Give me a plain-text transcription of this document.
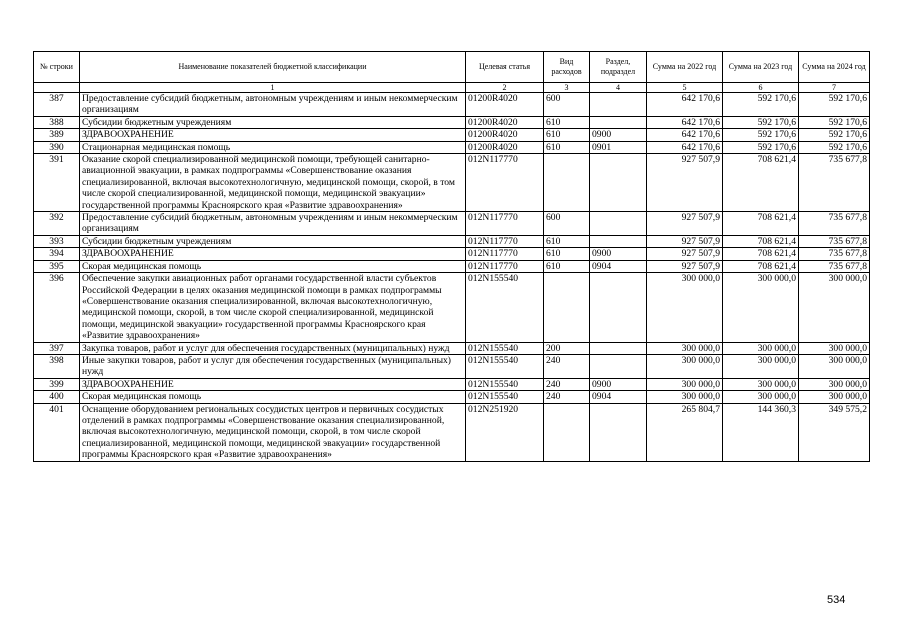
№ строки	Наименование показателей бюджетной классификации	Целевая статья	Вид расходов	Раздел, подраздел	Сумма на 2022 год	Сумма на 2023 год	Сумма на 2024 год
	1	2	3	4	5	6	7
387	Предоставление субсидий бюджетным, автономным учреждениям и иным некоммерческим организациям	01200R4020	600		642 170,6	592 170,6	592 170,6
388	Субсидии бюджетным учреждениям	01200R4020	610		642 170,6	592 170,6	592 170,6
389	ЗДРАВООХРАНЕНИЕ	01200R4020	610	0900	642 170,6	592 170,6	592 170,6
390	Стационарная медицинская помощь	01200R4020	610	0901	642 170,6	592 170,6	592 170,6
391	Оказание скорой специализированной медицинской помощи, требующей санитарно-авиационной эвакуации, в рамках подпрограммы «Совершенствование оказания специализированной, включая высокотехнологичную, медицинской помощи, скорой, в том числе скорой специализированной, медицинской помощи, медицинской эвакуации» государственной программы Красноярского края «Развитие здравоохранения»	012N117770			927 507,9	708 621,4	735 677,8
392	Предоставление субсидий бюджетным, автономным учреждениям и иным некоммерческим организациям	012N117770	600		927 507,9	708 621,4	735 677,8
393	Субсидии бюджетным учреждениям	012N117770	610		927 507,9	708 621,4	735 677,8
394	ЗДРАВООХРАНЕНИЕ	012N117770	610	0900	927 507,9	708 621,4	735 677,8
395	Скорая медицинская помощь	012N117770	610	0904	927 507,9	708 621,4	735 677,8
396	Обеспечение закупки авиационных работ органами государственной власти субъектов Российской Федерации в целях оказания медицинской помощи в рамках подпрограммы «Совершенствование оказания специализированной, включая высокотехнологичную, медицинской помощи, скорой, в том числе скорой специализированной, медицинской помощи, медицинской эвакуации» государственной программы Красноярского края «Развитие здравоохранения»	012N155540			300 000,0	300 000,0	300 000,0
397	Закупка товаров, работ и услуг для обеспечения государственных (муниципальных) нужд	012N155540	200		300 000,0	300 000,0	300 000,0
398	Иные закупки товаров, работ и услуг для обеспечения государственных (муниципальных) нужд	012N155540	240		300 000,0	300 000,0	300 000,0
399	ЗДРАВООХРАНЕНИЕ	012N155540	240	0900	300 000,0	300 000,0	300 000,0
400	Скорая медицинская помощь	012N155540	240	0904	300 000,0	300 000,0	300 000,0
401	Оснащение оборудованием региональных сосудистых центров и первичных сосудистых отделений в рамках подпрограммы «Совершенствование оказания специализированной, включая высокотехнологичную, медицинской помощи, скорой, в том числе скорой специализированной, медицинской помощи, медицинской эвакуации» государственной программы Красноярского края «Развитие здравоохранения»	012N251920			265 804,7	144 360,3	349 575,2
534
